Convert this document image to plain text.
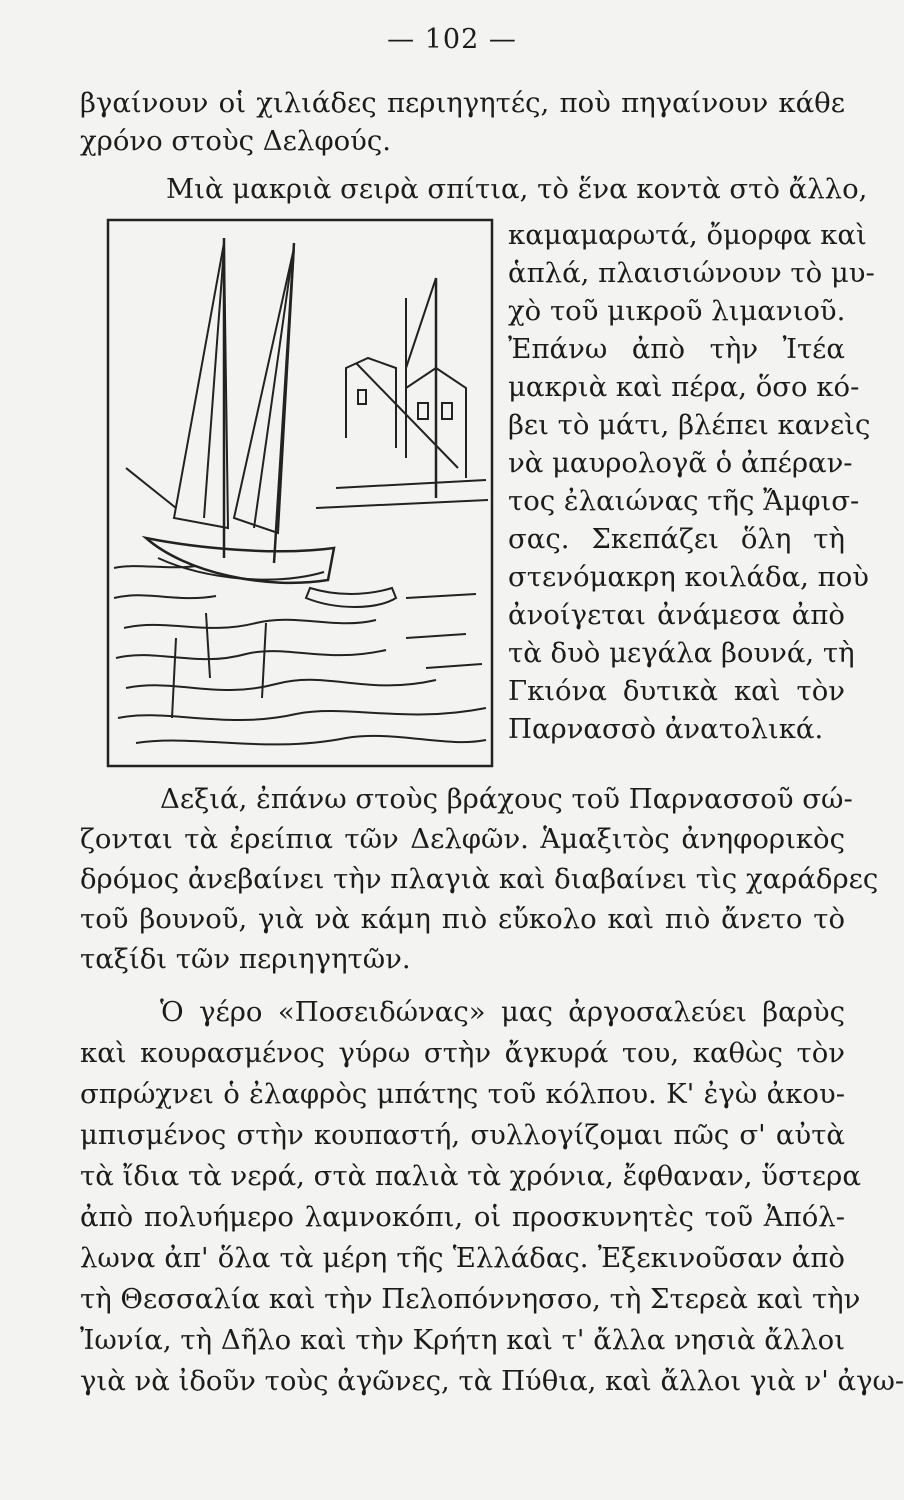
— 102 —
βγαίνουν οἱ χιλιάδες περιηγητές, ποὺ πηγαίνουν κάθε
χρόνο στοὺς Δελφούς.
Μιὰ μακριὰ σειρὰ σπίτια, τὸ ἕνα κοντὰ στὸ ἄλλο,
καμαμαρωτά, ὄμορφα καὶ
ἁπλά, πλαισιώνουν τὸ μυ-
χὸ τοῦ μικροῦ λιμανιοῦ.
Ἐπάνω ἀπὸ τὴν Ἰτέα
μακριὰ καὶ πέρα, ὅσο κό-
βει τὸ μάτι, βλέπει κανεὶς
νὰ μαυρολογᾶ ὁ ἀπέραν-
τος ἐλαιώνας τῆς Ἄμφισ-
σας. Σκεπάζει ὅλη τὴ
στενόμακρη κοιλάδα, ποὺ
ἀνοίγεται ἀνάμεσα ἀπὸ
τὰ δυὸ μεγάλα βουνά, τὴ
Γκιόνα δυτικὰ καὶ τὸν
Παρνασσὸ ἀνατολικά.
Δεξιά, ἐπάνω στοὺς βράχους τοῦ Παρνασσοῦ σώ-
ζονται τὰ ἐρείπια τῶν Δελφῶν. Ἁμαξιτὸς ἀνηφορικὸς
δρόμος ἀνεβαίνει τὴν πλαγιὰ καὶ διαβαίνει τὶς χαράδρες
τοῦ βουνοῦ, γιὰ νὰ κάμη πιὸ εὔκολο καὶ πιὸ ἄνετο τὸ
ταξίδι τῶν περιηγητῶν.
Ὁ γέρο «Ποσειδώνας» μας ἀργοσαλεύει βαρὺς
καὶ κουρασμένος γύρω στὴν ἄγκυρά του, καθὼς τὸν
σπρώχνει ὁ ἐλαφρὸς μπάτης τοῦ κόλπου. Κ' ἐγὼ ἀκου-
μπισμένος στὴν κουπαστή, συλλογίζομαι πῶς σ' αὐτὰ
τὰ ἴδια τὰ νερά, στὰ παλιὰ τὰ χρόνια, ἔφθαναν, ὕστερα
ἀπὸ πολυήμερο λαμνοκόπι, οἱ προσκυνητὲς τοῦ Ἀπόλ-
λωνα ἀπ' ὅλα τὰ μέρη τῆς Ἑλλάδας. Ἐξεκινοῦσαν ἀπὸ
τὴ Θεσσαλία καὶ τὴν Πελοπόννησσο, τὴ Στερεὰ καὶ τὴν
Ἰωνία, τὴ Δῆλο καὶ τὴν Κρήτη καὶ τ' ἄλλα νησιὰ ἄλλοι
γιὰ νὰ ἰδοῦν τοὺς ἀγῶνες, τὰ Πύθια, καὶ ἄλλοι γιὰ ν' ἀγω-
